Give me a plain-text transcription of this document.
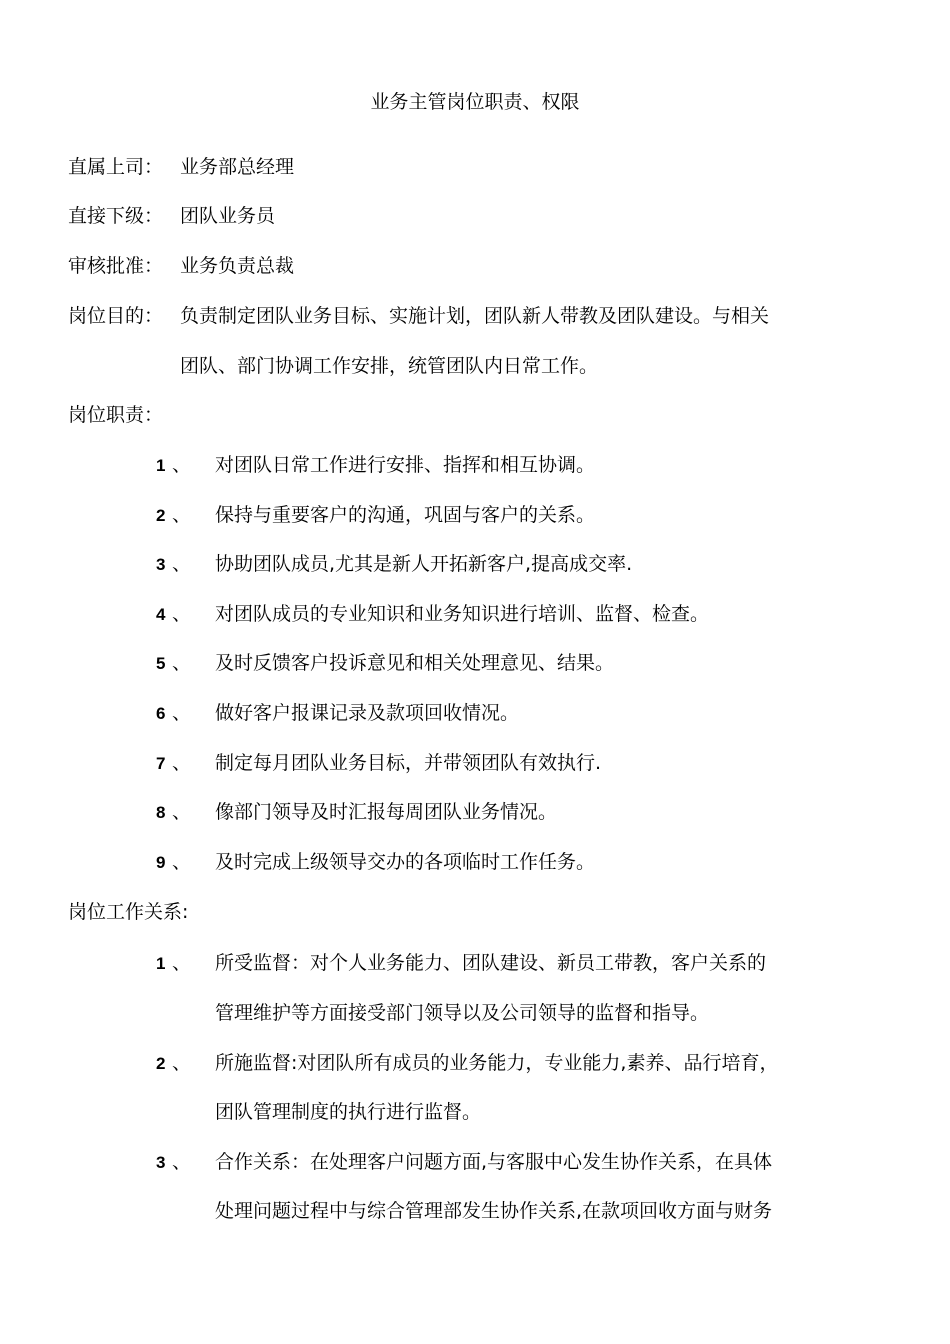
业务主管岗位职责、权限
直属上司： 业务部总经理
直接下级： 团队业务员
审核批准： 业务负责总裁
岗位目的： 负责制定团队业务目标、实施计划，团队新人带教及团队建设。与相关
团队、部门协调工作安排，统管团队内日常工作。
岗位职责：
1 、 对团队日常工作进行安排、指挥和相互协调。
2 、 保持与重要客户的沟通，巩固与客户的关系。
3 、 协助团队成员,尤其是新人开拓新客户,提高成交率.
4 、 对团队成员的专业知识和业务知识进行培训、监督、检查。
5 、 及时反馈客户投诉意见和相关处理意见、结果。
6 、 做好客户报课记录及款项回收情况。
7 、 制定每月团队业务目标，并带领团队有效执行.
8 、 像部门领导及时汇报每周团队业务情况。
9 、 及时完成上级领导交办的各项临时工作任务。
岗位工作关系:
1 、 所受监督：对个人业务能力、团队建设、新员工带教，客户关系的
管理维护等方面接受部门领导以及公司领导的监督和指导。
2 、 所施监督:对团队所有成员的业务能力，专业能力,素养、品行培育，
团队管理制度的执行进行监督。
3 、 合作关系：在处理客户问题方面,与客服中心发生协作关系，在具体
处理问题过程中与综合管理部发生协作关系,在款项回收方面与财务
